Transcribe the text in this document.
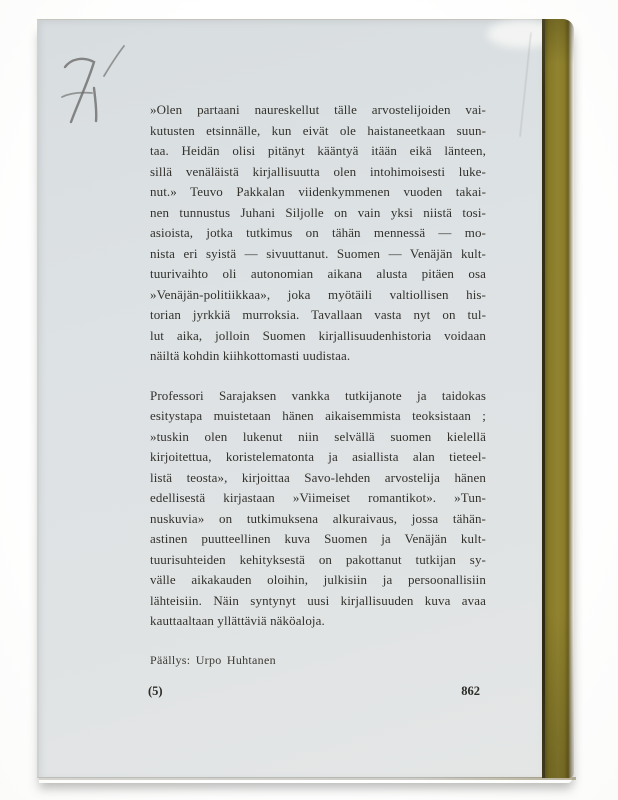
»Olen partaani naureskellut tälle arvostelijoiden vai-
kutusten etsinnälle, kun eivät ole haistaneetkaan suun-
taa. Heidän olisi pitänyt kääntyä itään eikä länteen,
sillä venäläistä kirjallisuutta olen intohimoisesti luke-
nut.» Teuvo Pakkalan viidenkymmenen vuoden takai-
nen tunnustus Juhani Siljolle on vain yksi niistä tosi-
asioista, jotka tutkimus on tähän mennessä — mo-
nista eri syistä — sivuuttanut. Suomen — Venäjän kult-
tuurivaihto oli autonomian aikana alusta pitäen osa
»Venäjän-politiikkaa», joka myötäili valtiollisen his-
torian jyrkkiä murroksia. Tavallaan vasta nyt on tul-
lut aika, jolloin Suomen kirjallisuudenhistoria voidaan
näiltä kohdin kiihkottomasti uudistaa.
Professori Sarajaksen vankka tutkijanote ja taidokas
esitystapa muistetaan hänen aikaisemmista teoksistaan ;
»tuskin olen lukenut niin selvällä suomen kielellä
kirjoitettua, koristelematonta ja asiallista alan tieteel-
listä teosta», kirjoittaa Savo-lehden arvostelija hänen
edellisestä kirjastaan »Viimeiset romantikot». »Tun-
nuskuvia» on tutkimuksena alkuraivaus, jossa tähän-
astinen puutteellinen kuva Suomen ja Venäjän kult-
tuurisuhteiden kehityksestä on pakottanut tutkijan sy-
välle aikakauden oloihin, julkisiin ja persoonallisiin
lähteisiin. Näin syntynyt uusi kirjallisuuden kuva avaa
kauttaaltaan yllättäviä näköaloja.
Päällys: Urpo Huhtanen
(5)	862
